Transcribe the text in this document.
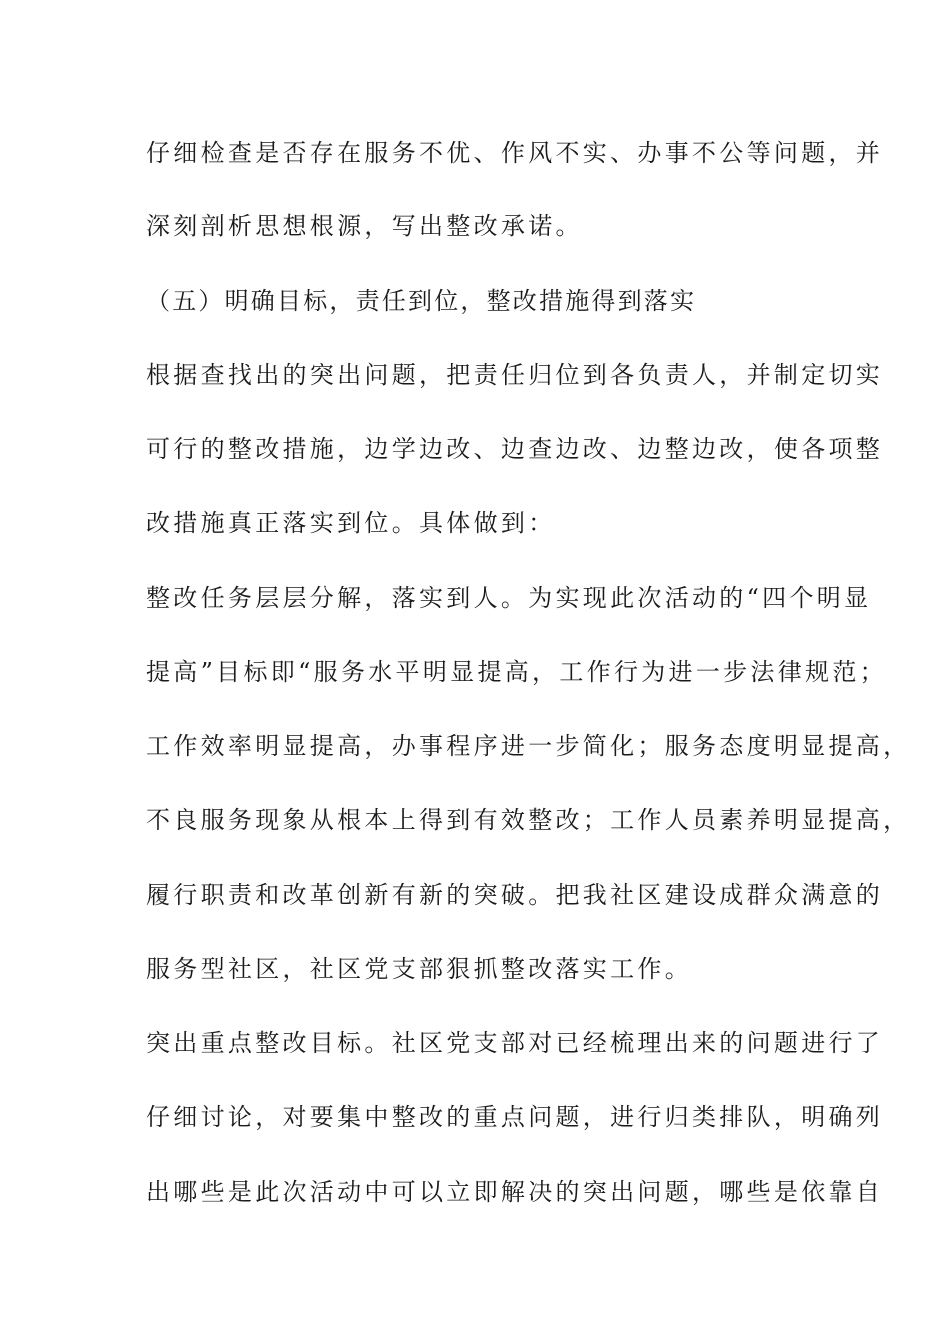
仔细检查是否存在服务不优、作风不实、办事不公等问题，并
深刻剖析思想根源，写出整改承诺。
（五）明确目标，责任到位，整改措施得到落实
根据查找出的突出问题，把责任归位到各负责人，并制定切实
可行的整改措施，边学边改、边查边改、边整边改，使各项整
改措施真正落实到位。具体做到：
整改任务层层分解，落实到人。为实现此次活动的“四个明显
提高”目标即“服务水平明显提高，工作行为进一步法律规范；
工作效率明显提高，办事程序进一步简化；服务态度明显提高，
不良服务现象从根本上得到有效整改；工作人员素养明显提高，
履行职责和改革创新有新的突破。把我社区建设成群众满意的
服务型社区，社区党支部狠抓整改落实工作。
突出重点整改目标。社区党支部对已经梳理出来的问题进行了
仔细讨论，对要集中整改的重点问题，进行归类排队，明确列
出哪些是此次活动中可以立即解决的突出问题，哪些是依靠自
